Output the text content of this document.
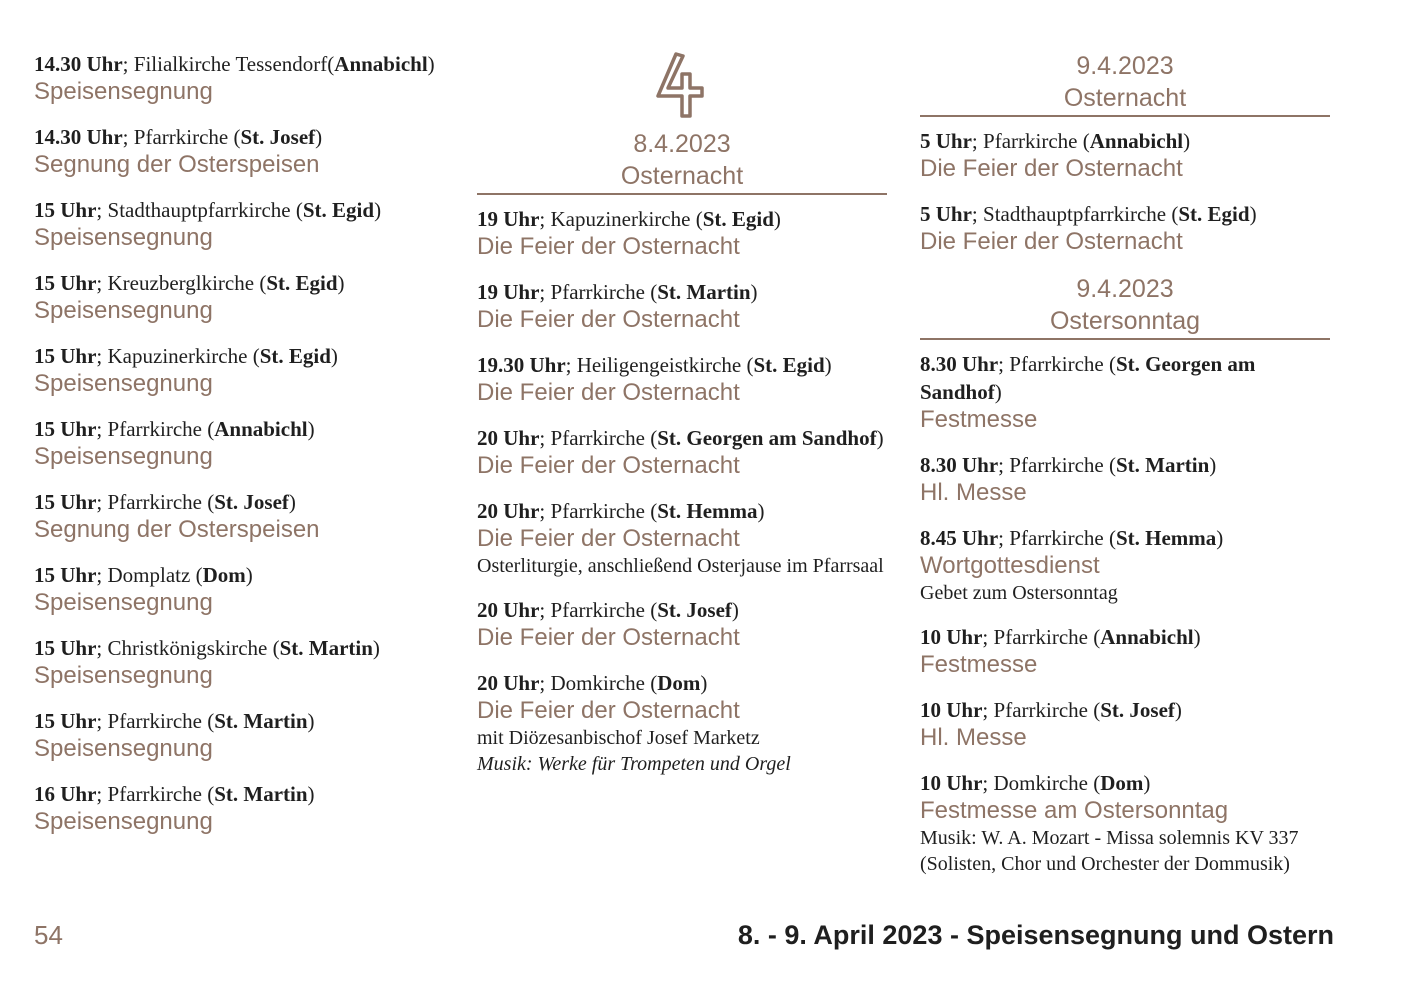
14.30 Uhr; Filialkirche Tessendorf(Annabichl)
Speisensegnung
14.30 Uhr; Pfarrkirche (St. Josef)
Segnung der Osterspeisen
15 Uhr; Stadthauptpfarrkirche (St. Egid)
Speisensegnung
15 Uhr; Kreuzberglkirche (St. Egid)
Speisensegnung
15 Uhr; Kapuzinerkirche (St. Egid)
Speisensegnung
15 Uhr; Pfarrkirche (Annabichl)
Speisensegnung
15 Uhr; Pfarrkirche (St. Josef)
Segnung der Osterspeisen
15 Uhr; Domplatz (Dom)
Speisensegnung
15 Uhr; Christkönigskirche (St. Martin)
Speisensegnung
15 Uhr; Pfarrkirche (St. Martin)
Speisensegnung
16 Uhr; Pfarrkirche (St. Martin)
Speisensegnung
8.4.2023
Osternacht
19 Uhr; Kapuzinerkirche (St. Egid)
Die Feier der Osternacht
19 Uhr; Pfarrkirche (St. Martin)
Die Feier der Osternacht
19.30 Uhr; Heiligengeistkirche (St. Egid)
Die Feier der Osternacht
20 Uhr; Pfarrkirche (St. Georgen am Sandhof)
Die Feier der Osternacht
20 Uhr; Pfarrkirche (St. Hemma)
Die Feier der Osternacht
Osterliturgie, anschließend Osterjause im Pfarrsaal
20 Uhr; Pfarrkirche (St. Josef)
Die Feier der Osternacht
20 Uhr; Domkirche (Dom)
Die Feier der Osternacht
mit Diözesanbischof Josef Marketz
Musik: Werke für Trompeten und Orgel
9.4.2023
Osternacht
5 Uhr; Pfarrkirche (Annabichl)
Die Feier der Osternacht
5 Uhr; Stadthauptpfarrkirche (St. Egid)
Die Feier der Osternacht
9.4.2023
Ostersonntag
8.30 Uhr; Pfarrkirche (St. Georgen am Sandhof)
Festmesse
8.30 Uhr; Pfarrkirche (St. Martin)
Hl. Messe
8.45 Uhr; Pfarrkirche (St. Hemma)
Wortgottesdienst
Gebet zum Ostersonntag
10 Uhr; Pfarrkirche (Annabichl)
Festmesse
10 Uhr; Pfarrkirche (St. Josef)
Hl. Messe
10 Uhr; Domkirche (Dom)
Festmesse am Ostersonntag
Musik: W. A. Mozart - Missa solemnis KV 337 (Solisten, Chor und Orchester der Dommusik)
54	8. - 9. April 2023 - Speisensegnung und Ostern
